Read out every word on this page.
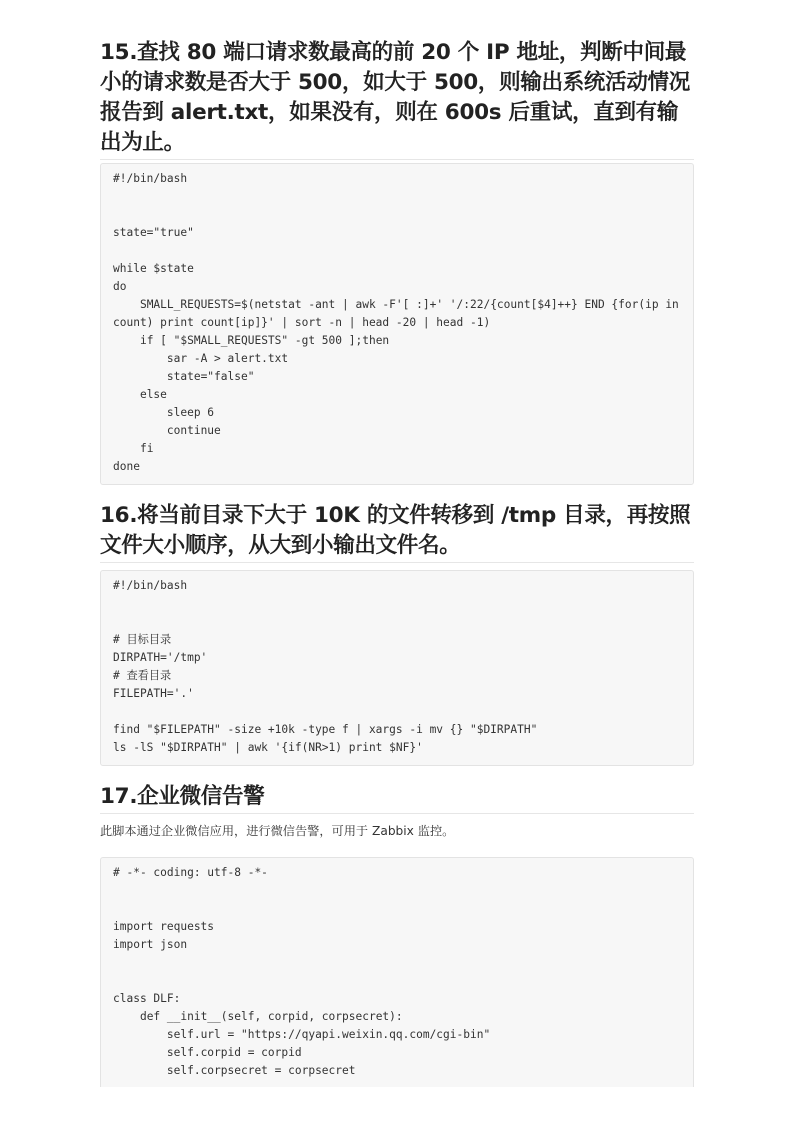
15.查找 80 端口请求数最高的前 20 个 IP 地址，判断中间最小的请求数是否大于 500，如大于 500，则输出系统活动情况报告到 alert.txt，如果没有，则在 600s 后重试，直到有输出为止。
#!/bin/bash

state="true"

while $state
do
SMALL_REQUESTS=$(netstat -ant | awk -F'[ :]+' '/:22/{count[$4]++} END {for(ip in count) print count[ip]}' | sort -n | head -20 | head -1)
if [ "$SMALL_REQUESTS" -gt 500 ];then
sar -A > alert.txt
state="false"
else
sleep 6
continue
fi
done
16.将当前目录下大于 10K 的文件转移到 /tmp 目录，再按照文件大小顺序，从大到小输出文件名。
#!/bin/bash

# 目标目录
DIRPATH='/tmp'
# 查看目录
FILEPATH='.'

find "$FILEPATH" -size +10k -type f | xargs -i mv {} "$DIRPATH"
ls -lS "$DIRPATH" | awk '{if(NR>1) print $NF}'
17.企业微信告警

此脚本通过企业微信应用，进行微信告警，可用于 Zabbix 监控。

# -*- coding: utf-8 -*-

import requests
import json

class DLF:
def __init__(self, corpid, corpsecret):
self.url = "https://qyapi.weixin.qq.com/cgi-bin"
self.corpid = corpid
self.corpsecret = corpsecret
